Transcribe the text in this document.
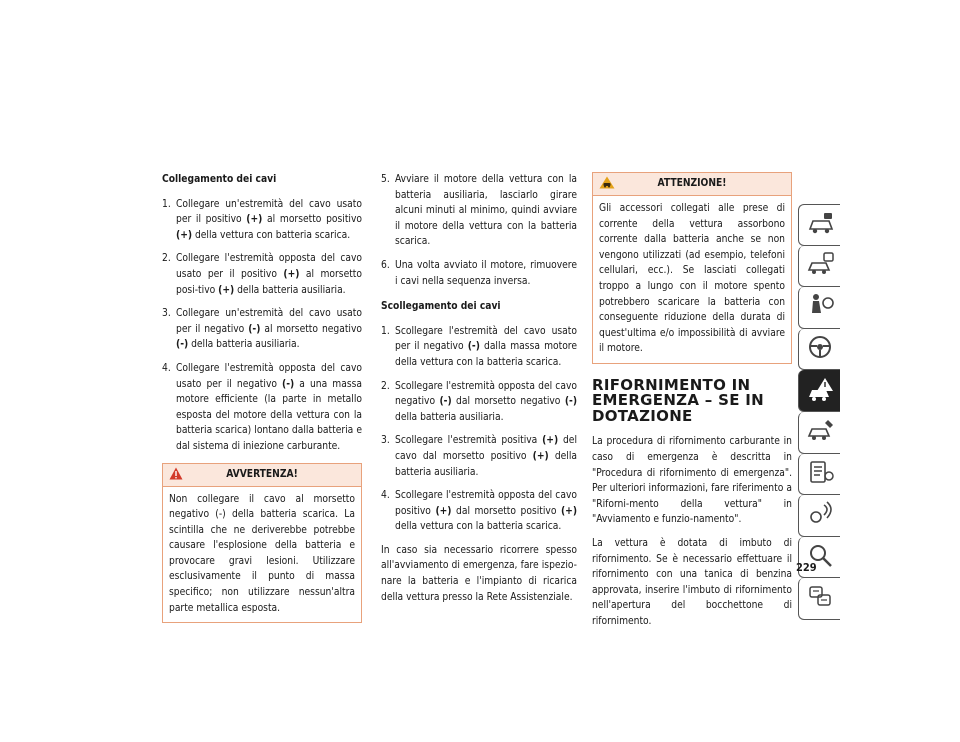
Collegamento dei cavi
1. Collegare un'estremità del cavo usato per il positivo (+) al morsetto positivo (+) della vettura con batteria scarica.
2. Collegare l'estremità opposta del cavo usato per il positivo (+) al morsetto posi-tivo (+) della batteria ausiliaria.
3. Collegare un'estremità del cavo usato per il negativo (-) al morsetto negativo (-) della batteria ausiliaria.
4. Collegare l'estremità opposta del cavo usato per il negativo (-) a una massa motore efficiente (la parte in metallo esposta del motore della vettura con la batteria scarica) lontano dalla batteria e dal sistema di iniezione carburante.
AVVERTENZA!
Non collegare il cavo al morsetto negativo (-) della batteria scarica. La scintilla che ne deriverebbe potrebbe causare l'esplosione della batteria e provocare gravi lesioni. Utilizzare esclusivamente il punto di massa specifico; non utilizzare nessun'altra parte metallica esposta.
5. Avviare il motore della vettura con la batteria ausiliaria, lasciarlo girare alcuni minuti al minimo, quindi avviare il motore della vettura con la batteria scarica.
6. Una volta avviato il motore, rimuovere i cavi nella sequenza inversa.
Scollegamento dei cavi
1. Scollegare l'estremità del cavo usato per il negativo (-) dalla massa motore della vettura con la batteria scarica.
2. Scollegare l'estremità opposta del cavo negativo (-) dal morsetto negativo (-) della batteria ausiliaria.
3. Scollegare l'estremità positiva (+) del cavo dal morsetto positivo (+) della batteria ausiliaria.
4. Scollegare l'estremità opposta del cavo positivo (+) dal morsetto positivo (+) della vettura con la batteria scarica.
In caso sia necessario ricorrere spesso all'avviamento di emergenza, fare ispezio-nare la batteria e l'impianto di ricarica della vettura presso la Rete Assistenziale.
ATTENZIONE!
Gli accessori collegati alle prese di corrente della vettura assorbono corrente dalla batteria anche se non vengono utilizzati (ad esempio, telefoni cellulari, ecc.). Se lasciati collegati troppo a lungo con il motore spento potrebbero scaricare la batteria con conseguente riduzione della durata di quest'ultima e/o impossibilità di avviare il motore.
RIFORNIMENTO IN
EMERGENZA – SE IN
DOTAZIONE
La procedura di rifornimento carburante in caso di emergenza è descritta in "Procedura di rifornimento di emergenza". Per ulteriori informazioni, fare riferimento a "Riforni-mento della vettura" in "Avviamento e funzio-namento".
La vettura è dotata di imbuto di rifornimento. Se è necessario effettuare il rifornimento con una tanica di benzina approvata, inserire l'imbuto di rifornimento nell'apertura del bocchettone di rifornimento.
229
